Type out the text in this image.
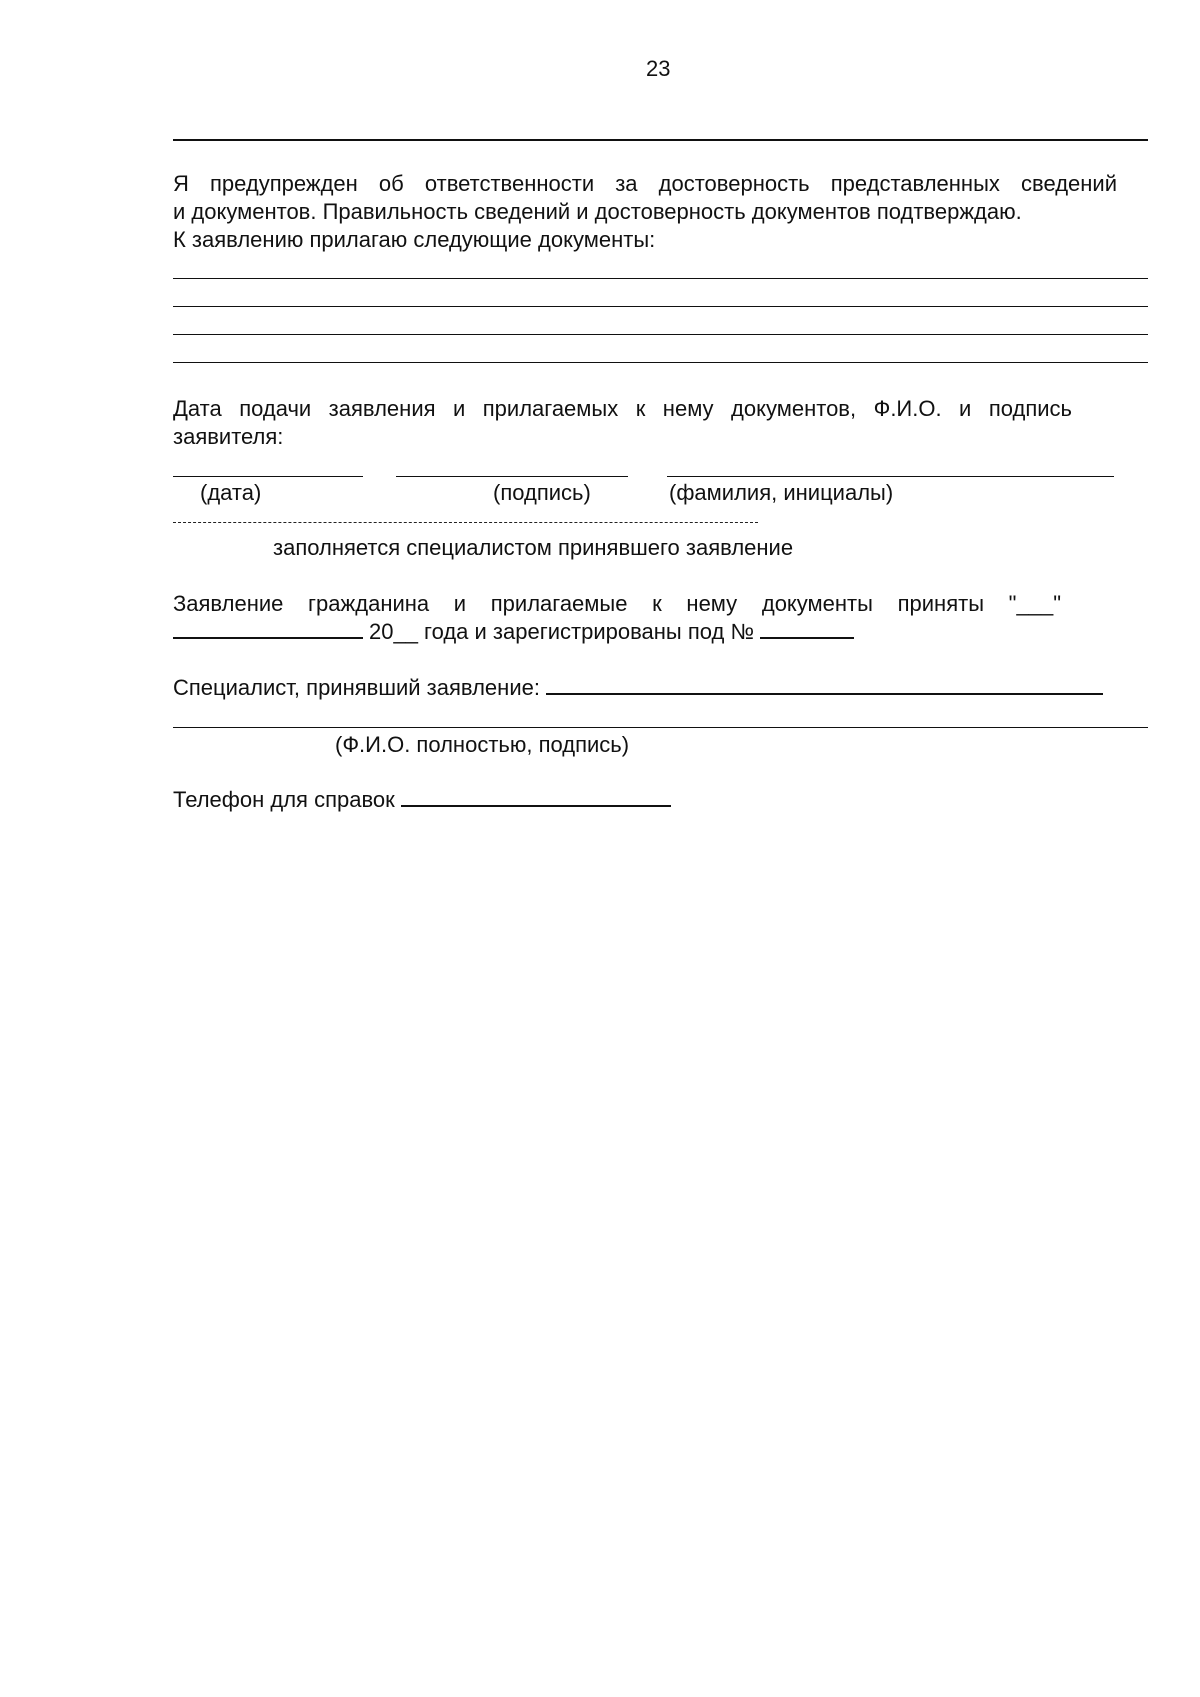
23
Я предупрежден об ответственности за достоверность представленных сведений
и документов. Правильность сведений и достоверность документов подтверждаю.
К заявлению прилагаю следующие документы:
Дата подачи заявления и прилагаемых к нему документов, Ф.И.О. и подпись
заявителя:
(дата)	(подпись)	(фамилия, инициалы)
заполняется специалистом принявшего заявление
Заявление гражданина и прилагаемые к нему документы приняты "___"
20__ года и зарегистрированы под №
Специалист, принявший заявление:
(Ф.И.О. полностью, подпись)
Телефон для справок
